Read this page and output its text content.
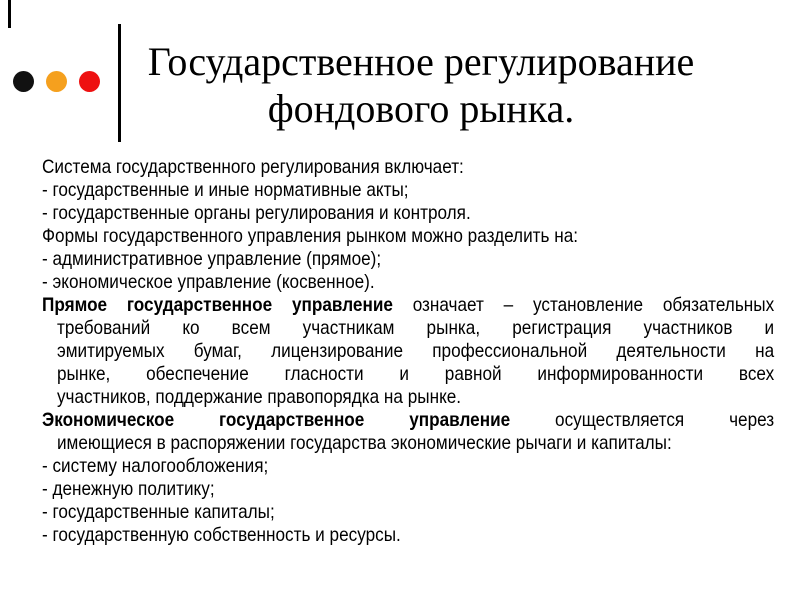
Государственное регулирование
фондового рынка.
Система государственного регулирования включает:
- государственные и иные нормативные акты;
- государственные органы регулирования и контроля.
Формы государственного управления рынком можно разделить на:
- административное управление (прямое);
- экономическое управление (косвенное).
Прямое государственное управление означает – установление обязательных
требований ко всем участникам рынка, регистрация участников и
эмитируемых бумаг, лицензирование профессиональной деятельности на
рынке, обеспечение гласности и равной информированности всех
участников, поддержание правопорядка на рынке.
Экономическое государственное управление осуществляется через
имеющиеся в распоряжении государства экономические рычаги и капиталы:
- систему налогообложения;
- денежную политику;
- государственные капиталы;
- государственную собственность и ресурсы.
